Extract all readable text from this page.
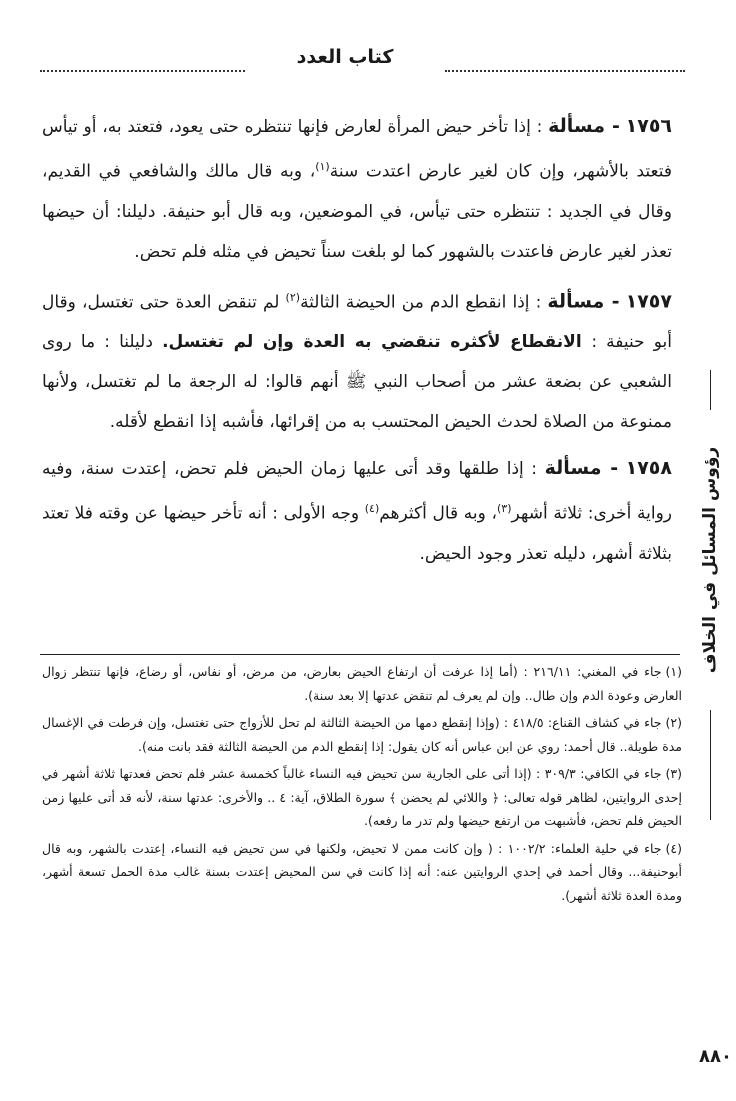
كتاب العدد

١٧٥٦ - مسألة : إذا تأخر حيض المرأة لعارض فإنها تنتظره حتى يعود، فتعتد به، أو تيأس فتعتد بالأشهر، وإن كان لغير عارض اعتدت سنة$^{(١)}$، وبه قال مالك والشافعي في القديم، وقال في الجديد : تنتظره حتى تيأس، في الموضعين، وبه قال أبو حنيفة. دليلنا: أن حيضها تعذر لغير عارض فاعتدت بالشهور كما لو بلغت سناً تحيض في مثله فلم تحض.

١٧٥٧ - مسألة : إذا انقطع الدم من الحيضة الثالثة$^{(٢)}$ لم تنقض العدة حتى تغتسل، وقال أبو حنيفة : الانقطاع لأكثره تنقضي به العدة وإن لم تغتسل. دليلنا : ما روى الشعبي عن بضعة عشر من أصحاب النبي ﷺ أنهم قالوا: له الرجعة ما لم تغتسل، ولأنها ممنوعة من الصلاة لحدث الحيض المحتسب به من إقرائها، فأشبه إذا انقطع لأقله.

١٧٥٨ - مسألة : إذا طلقها وقد أتى عليها زمان الحيض فلم تحض، إعتدت سنة، وفيه رواية أخرى: ثلاثة أشهر$^{(٣)}$، وبه قال أكثرهم$^{(٤)}$ وجه الأولى : أنه تأخر حيضها عن وقته فلا تعتد بثلاثة أشهر، دليله تعذر وجود الحيض.

(١)جاء في المغني: ٢١٦/١١ : (أما إذا عرفت أن ارتفاع الحيض بعارض، من مرض، أو نفاس، أو رضاع، فإنها تنتظر زوال العارض وعودة الدم وإن طال.. وإن لم يعرف لم تنقض عدتها إلا بعد سنة).

(٢)جاء في كشاف القناع: ٤١٨/٥ : (وإذا إنقطع دمها من الحيضة الثالثة لم تحل للأزواج حتى تغتسل، وإن فرطت في الإغسال مدة طويلة.. قال أحمد: روي عن ابن عباس أنه كان يقول: إذا إنقطع الدم من الحيضة الثالثة فقد بانت منه).

(٣)جاء في الكافي: ٣٠٩/٣ : (إذا أتى على الجارية سن تحيض فيه النساء غالباً كخمسة عشر فلم تحض فعدتها ثلاثة أشهر في إحدى الروايتين، لظاهر قوله تعالى: ﴿ واللائي لم يحضن ﴾ سورة الطلاق، آية: ٤ .. والأخرى: عدتها سنة، لأنه قد أتى عليها زمن الحيض فلم تحض، فأشبهت من ارتفع حيضها ولم تدر ما رفعه).

(٤)جاء في حلية العلماء: ١٠٠٢/٢ : ( وإن كانت ممن لا تحيض، ولكنها في سن تحيض فيه النساء، إعتدت بالشهر، وبه قال أبوحنيفة... وقال أحمد في إحدي الروايتين عنه: أنه إذا كانت في سن المحيض إعتدت بسنة غالب مدة الحمل تسعة أشهر، ومدة العدة ثلاثة أشهر).

رؤوس المسائل في الخلاف
٨٨٠
